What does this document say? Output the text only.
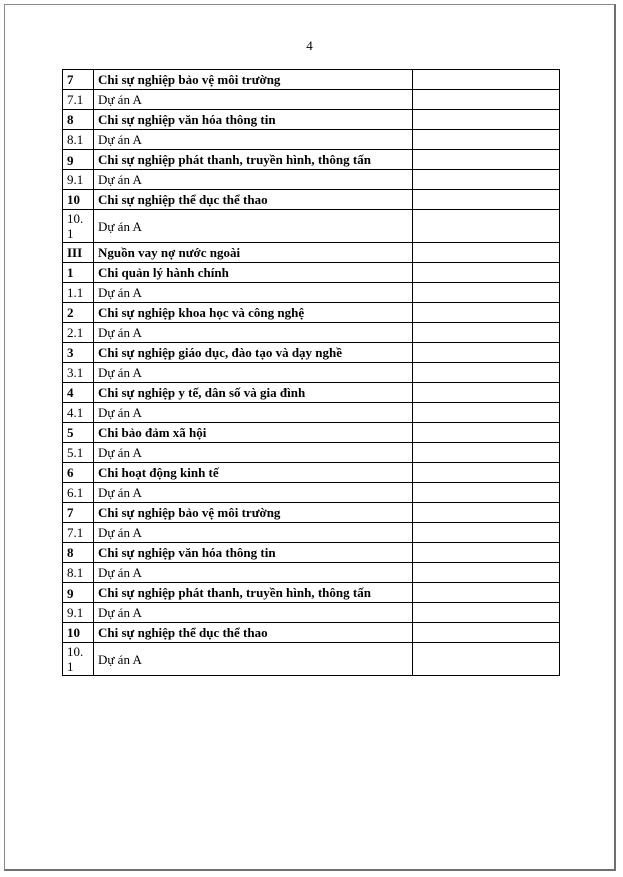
4
7	Chi sự nghiệp bảo vệ môi trường	
7.1	Dự án A	
8	Chi sự nghiệp văn hóa thông tin	
8.1	Dự án A	
9	Chi sự nghiệp phát thanh, truyền hình, thông tấn	
9.1	Dự án A	
10	Chi sự nghiệp thể dục thể thao	
10.1	Dự án A	
III	Nguồn vay nợ nước ngoài	
1	Chi quản lý hành chính	
1.1	Dự án A	
2	Chi sự nghiệp khoa học và công nghệ	
2.1	Dự án A	
3	Chi sự nghiệp giáo dục, đào tạo và dạy nghề	
3.1	Dự án A	
4	Chi sự nghiệp y tế, dân số và gia đình	
4.1	Dự án A	
5	Chi bảo đảm xã hội	
5.1	Dự án A	
6	Chi hoạt động kinh tế	
6.1	Dự án A	
7	Chi sự nghiệp bảo vệ môi trường	
7.1	Dự án A	
8	Chi sự nghiệp văn hóa thông tin	
8.1	Dự án A	
9	Chi sự nghiệp phát thanh, truyền hình, thông tấn	
9.1	Dự án A	
10	Chi sự nghiệp thể dục thể thao	
10.1	Dự án A	
